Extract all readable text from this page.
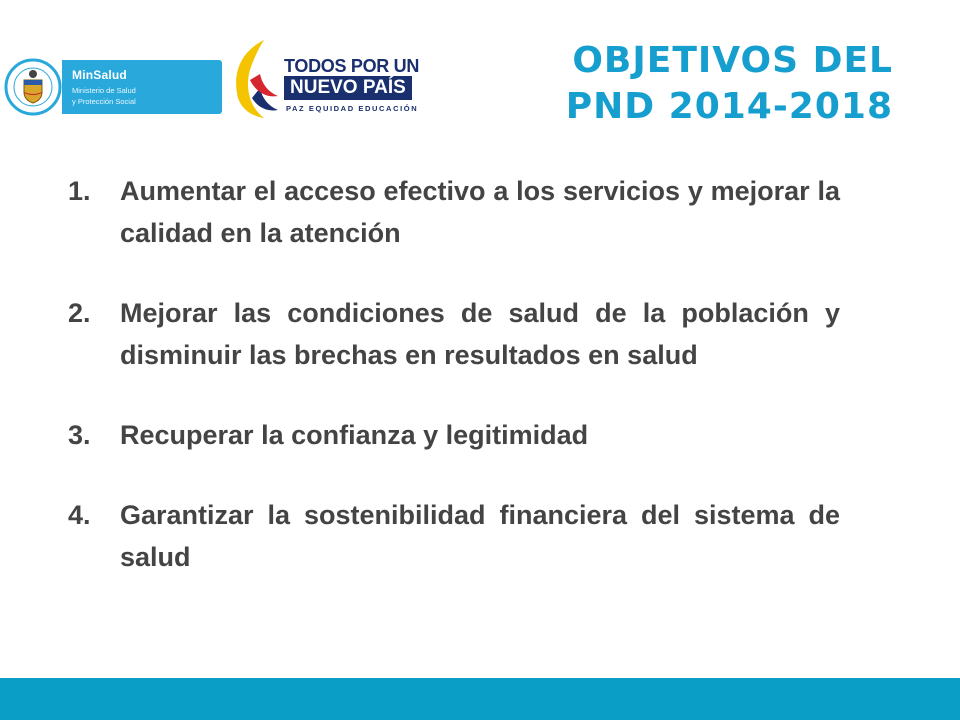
MinSalud
Ministerio de Salud
y Protección Social
TODOS POR UN
NUEVO PAÍS
PAZ EQUIDAD EDUCACIÓN
OBJETIVOS DEL
PND 2014-2018
1. Aumentar el acceso efectivo a los servicios y mejorar la calidad en la atención
2. Mejorar las condiciones de salud de la población y disminuir las brechas en resultados en salud
3. Recuperar la confianza y legitimidad
4. Garantizar la sostenibilidad financiera del sistema de salud
